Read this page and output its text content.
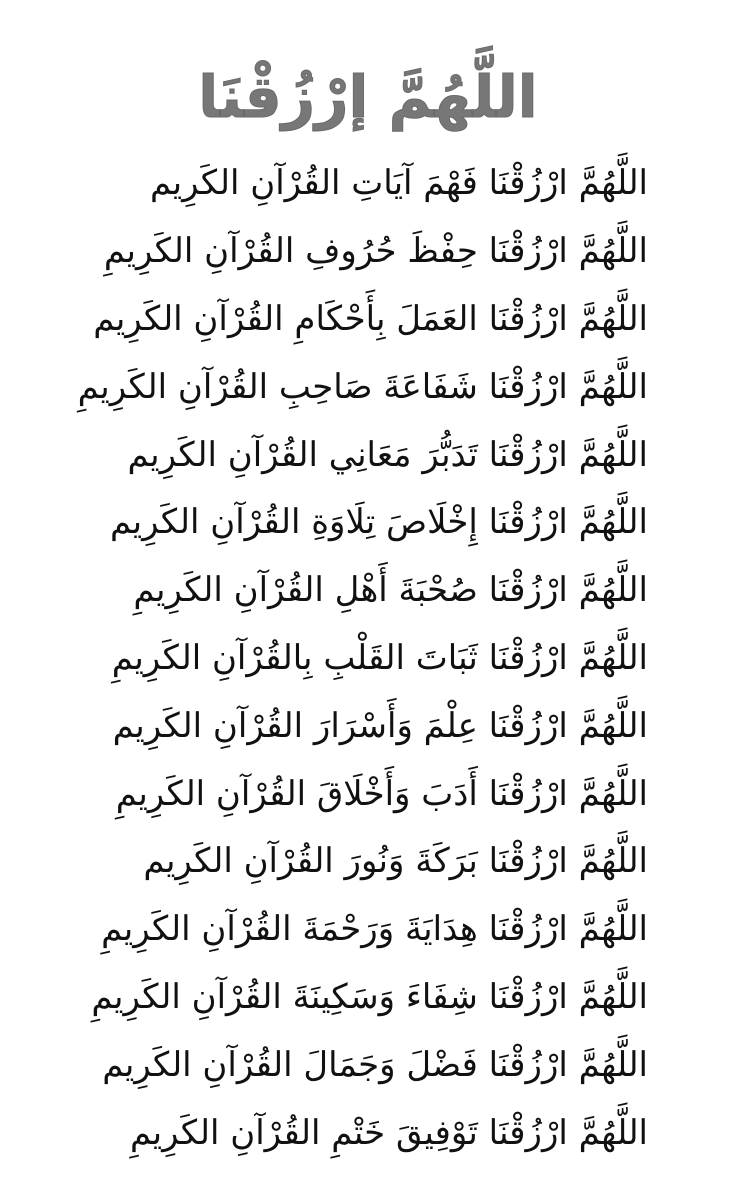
اللَّهُمَّ إرْزُقْنَا
اللَّهُمَّ ارْزُقْنَا فَهْمَ آيَاتِ القُرْآنِ الكَرِيم
اللَّهُمَّ ارْزُقْنَا حِفْظَ حُرُوفِ القُرْآنِ الكَرِيمِ
اللَّهُمَّ ارْزُقْنَا العَمَلَ بِأَحْكَامِ القُرْآنِ الكَرِيم
اللَّهُمَّ ارْزُقْنَا شَفَاعَةَ صَاحِبِ القُرْآنِ الكَرِيمِ
اللَّهُمَّ ارْزُقْنَا تَدَبُّرَ مَعَانِي القُرْآنِ الكَرِيم
اللَّهُمَّ ارْزُقْنَا إِخْلَاصَ تِلَاوَةِ القُرْآنِ الكَرِيم
اللَّهُمَّ ارْزُقْنَا صُحْبَةَ أَهْلِ القُرْآنِ الكَرِيمِ
اللَّهُمَّ ارْزُقْنَا ثَبَاتَ القَلْبِ بِالقُرْآنِ الكَرِيمِ
اللَّهُمَّ ارْزُقْنَا عِلْمَ وَأَسْرَارَ القُرْآنِ الكَرِيم
اللَّهُمَّ ارْزُقْنَا أَدَبَ وَأَخْلَاقَ القُرْآنِ الكَرِيمِ
اللَّهُمَّ ارْزُقْنَا بَرَكَةَ وَنُورَ القُرْآنِ الكَرِيم
اللَّهُمَّ ارْزُقْنَا هِدَايَةَ وَرَحْمَةَ القُرْآنِ الكَرِيمِ
اللَّهُمَّ ارْزُقْنَا شِفَاءَ وَسَكِينَةَ القُرْآنِ الكَرِيمِ
اللَّهُمَّ ارْزُقْنَا فَضْلَ وَجَمَالَ القُرْآنِ الكَرِيم
اللَّهُمَّ ارْزُقْنَا تَوْفِيقَ خَتْمِ القُرْآنِ الكَرِيمِ
